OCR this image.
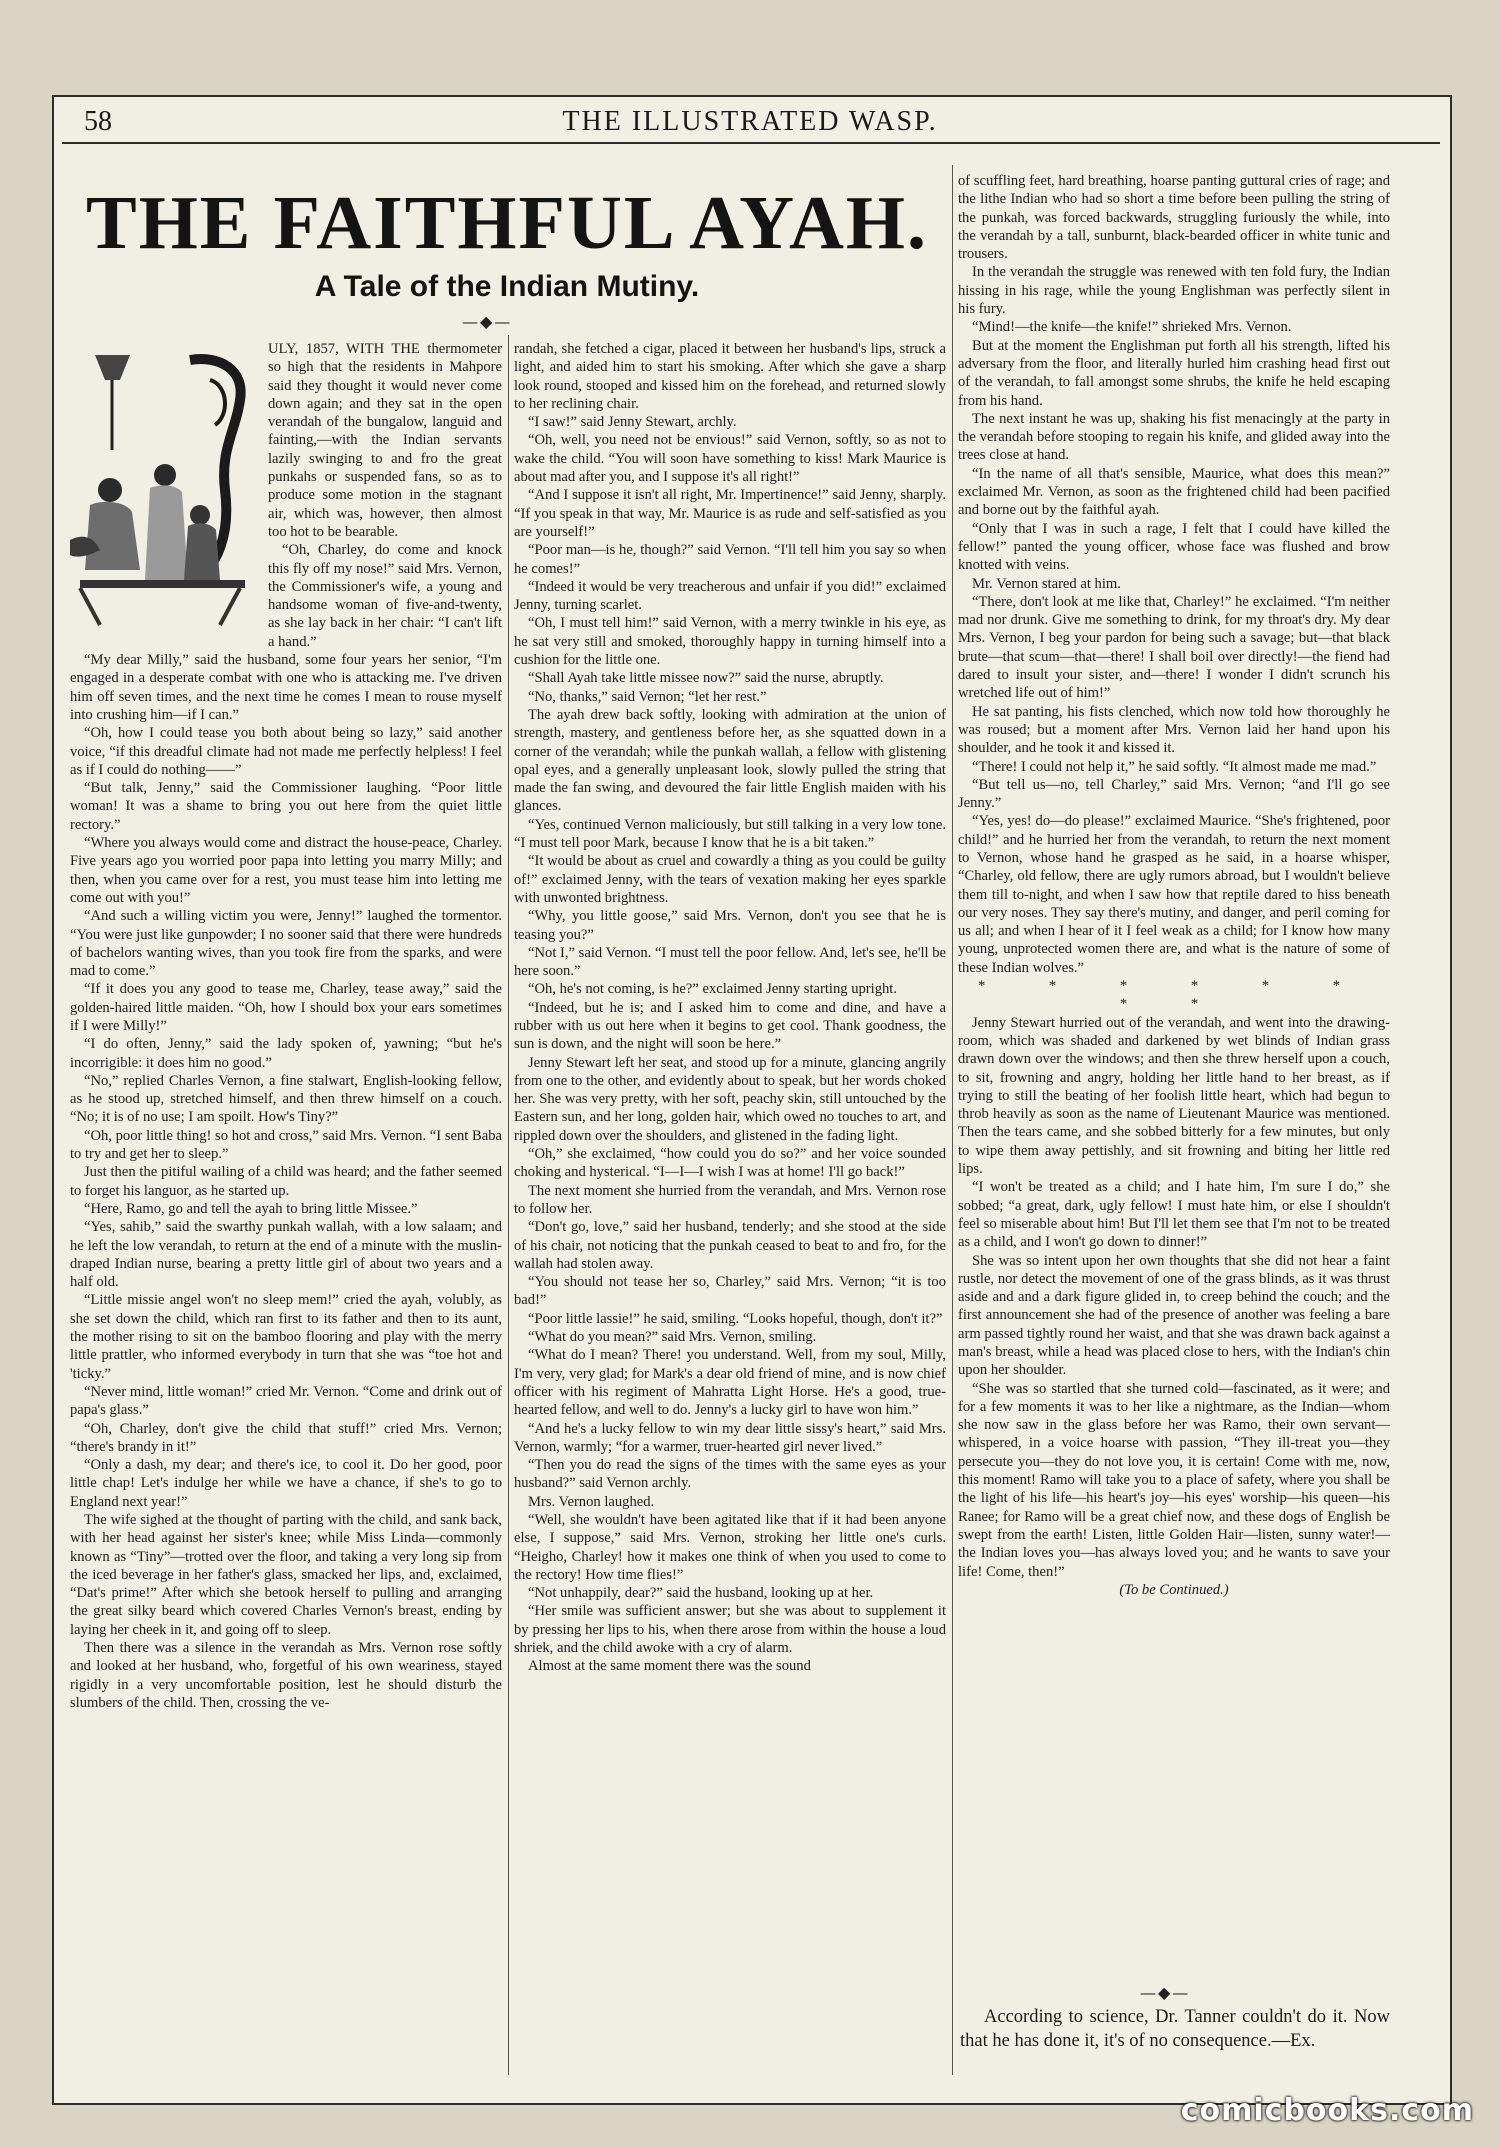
58	THE ILLUSTRATED WASP.
THE FAITHFUL AYAH.
A Tale of the Indian Mutiny.
—◆—

ULY, 1857, WITH THE thermometer so high that the residents in Mahpore said they thought it would never come down again; and they sat in the open verandah of the bungalow, languid and fainting,—with the Indian servants lazily swinging to and fro the great punkahs or suspended fans, so as to produce some motion in the stagnant air, which was, however, then almost too hot to be bearable.

“Oh, Charley, do come and knock this fly off my nose!” said Mrs. Vernon, the Commissioner's wife, a young and handsome woman of five-and-twenty, as she lay back in her chair: “I can't lift a hand.”

“My dear Milly,” said the husband, some four years her senior, “I'm engaged in a desperate combat with one who is attacking me. I've driven him off seven times, and the next time he comes I mean to rouse myself into crushing him—if I can.”

“Oh, how I could tease you both about being so lazy,” said another voice, “if this dreadful climate had not made me perfectly helpless! I feel as if I could do nothing——”

“But talk, Jenny,” said the Commissioner laughing. “Poor little woman! It was a shame to bring you out here from the quiet little rectory.”

“Where you always would come and distract the house-peace, Charley. Five years ago you worried poor papa into letting you marry Milly; and then, when you came over for a rest, you must tease him into letting me come out with you!”

“And such a willing victim you were, Jenny!” laughed the tormentor. “You were just like gunpowder; I no sooner said that there were hundreds of bachelors wanting wives, than you took fire from the sparks, and were mad to come.”

“If it does you any good to tease me, Charley, tease away,” said the golden-haired little maiden. “Oh, how I should box your ears sometimes if I were Milly!”

“I do often, Jenny,” said the lady spoken of, yawning; “but he's incorrigible: it does him no good.”

“No,” replied Charles Vernon, a fine stalwart, English-looking fellow, as he stood up, stretched himself, and then threw himself on a couch. “No; it is of no use; I am spoilt. How's Tiny?”

“Oh, poor little thing! so hot and cross,” said Mrs. Vernon. “I sent Baba to try and get her to sleep.”

Just then the pitiful wailing of a child was heard; and the father seemed to forget his languor, as he started up.

“Here, Ramo, go and tell the ayah to bring little Missee.”

“Yes, sahib,” said the swarthy punkah wallah, with a low salaam; and he left the low verandah, to return at the end of a minute with the muslin-draped Indian nurse, bearing a pretty little girl of about two years and a half old.

“Little missie angel won't no sleep mem!” cried the ayah, volubly, as she set down the child, which ran first to its father and then to its aunt, the mother rising to sit on the bamboo flooring and play with the merry little prattler, who informed everybody in turn that she was “toe hot and 'ticky.”

“Never mind, little woman!” cried Mr. Vernon. “Come and drink out of papa's glass.”

“Oh, Charley, don't give the child that stuff!” cried Mrs. Vernon; “there's brandy in it!”

“Only a dash, my dear; and there's ice, to cool it. Do her good, poor little chap! Let's indulge her while we have a chance, if she's to go to England next year!”

The wife sighed at the thought of parting with the child, and sank back, with her head against her sister's knee; while Miss Linda—commonly known as “Tiny”—trotted over the floor, and taking a very long sip from the iced beverage in her father's glass, smacked her lips, and, exclaimed, “Dat's prime!” After which she betook herself to pulling and arranging the great silky beard which covered Charles Vernon's breast, ending by laying her cheek in it, and going off to sleep.

Then there was a silence in the verandah as Mrs. Vernon rose softly and looked at her husband, who, forgetful of his own weariness, stayed rigidly in a very uncomfortable position, lest he should disturb the slumbers of the child. Then, crossing the ve-

randah, she fetched a cigar, placed it between her husband's lips, struck a light, and aided him to start his smoking. After which she gave a sharp look round, stooped and kissed him on the forehead, and returned slowly to her reclining chair.

“I saw!” said Jenny Stewart, archly.

“Oh, well, you need not be envious!” said Vernon, softly, so as not to wake the child. “You will soon have something to kiss! Mark Maurice is about mad after you, and I suppose it's all right!”

“And I suppose it isn't all right, Mr. Impertinence!” said Jenny, sharply. “If you speak in that way, Mr. Maurice is as rude and self-satisfied as you are yourself!”

“Poor man—is he, though?” said Vernon. “I'll tell him you say so when he comes!”

“Indeed it would be very treacherous and unfair if you did!” exclaimed Jenny, turning scarlet.

“Oh, I must tell him!” said Vernon, with a merry twinkle in his eye, as he sat very still and smoked, thoroughly happy in turning himself into a cushion for the little one.

“Shall Ayah take little missee now?” said the nurse, abruptly.

“No, thanks,” said Vernon; “let her rest.”

The ayah drew back softly, looking with admiration at the union of strength, mastery, and gentleness before her, as she squatted down in a corner of the verandah; while the punkah wallah, a fellow with glistening opal eyes, and a generally unpleasant look, slowly pulled the string that made the fan swing, and devoured the fair little English maiden with his glances.

“Yes, continued Vernon maliciously, but still talking in a very low tone. “I must tell poor Mark, because I know that he is a bit taken.”

“It would be about as cruel and cowardly a thing as you could be guilty of!” exclaimed Jenny, with the tears of vexation making her eyes sparkle with unwonted brightness.

“Why, you little goose,” said Mrs. Vernon, don't you see that he is teasing you?”

“Not I,” said Vernon. “I must tell the poor fellow. And, let's see, he'll be here soon.”

“Oh, he's not coming, is he?” exclaimed Jenny starting upright.

“Indeed, but he is; and I asked him to come and dine, and have a rubber with us out here when it begins to get cool. Thank goodness, the sun is down, and the night will soon be here.”

Jenny Stewart left her seat, and stood up for a minute, glancing angrily from one to the other, and evidently about to speak, but her words choked her. She was very pretty, with her soft, peachy skin, still untouched by the Eastern sun, and her long, golden hair, which owed no touches to art, and rippled down over the shoulders, and glistened in the fading light.

“Oh,” she exclaimed, “how could you do so?” and her voice sounded choking and hysterical. “I—I—I wish I was at home! I'll go back!”

The next moment she hurried from the verandah, and Mrs. Vernon rose to follow her.

“Don't go, love,” said her husband, tenderly; and she stood at the side of his chair, not noticing that the punkah ceased to beat to and fro, for the wallah had stolen away.

“You should not tease her so, Charley,” said Mrs. Vernon; “it is too bad!”

“Poor little lassie!” he said, smiling. “Looks hopeful, though, don't it?”

“What do you mean?” said Mrs. Vernon, smiling.

“What do I mean? There! you understand. Well, from my soul, Milly, I'm very, very glad; for Mark's a dear old friend of mine, and is now chief officer with his regiment of Mahratta Light Horse. He's a good, true-hearted fellow, and well to do. Jenny's a lucky girl to have won him.”

“And he's a lucky fellow to win my dear little sissy's heart,” said Mrs. Vernon, warmly; “for a warmer, truer-hearted girl never lived.”

“Then you do read the signs of the times with the same eyes as your husband?” said Vernon archly.

Mrs. Vernon laughed.

“Well, she wouldn't have been agitated like that if it had been anyone else, I suppose,” said Mrs. Vernon, stroking her little one's curls. “Heigho, Charley! how it makes one think of when you used to come to the rectory! How time flies!”

“Not unhappily, dear?” said the husband, looking up at her.

“Her smile was sufficient answer; but she was about to supplement it by pressing her lips to his, when there arose from within the house a loud shriek, and the child awoke with a cry of alarm.

Almost at the same moment there was the sound

of scuffling feet, hard breathing, hoarse panting guttural cries of rage; and the lithe Indian who had so short a time before been pulling the string of the punkah, was forced backwards, struggling furiously the while, into the verandah by a tall, sunburnt, black-bearded officer in white tunic and trousers.

In the verandah the struggle was renewed with ten fold fury, the Indian hissing in his rage, while the young Englishman was perfectly silent in his fury.

“Mind!—the knife—the knife!” shrieked Mrs. Vernon.

But at the moment the Englishman put forth all his strength, lifted his adversary from the floor, and literally hurled him crashing head first out of the verandah, to fall amongst some shrubs, the knife he held escaping from his hand.

The next instant he was up, shaking his fist menacingly at the party in the verandah before stooping to regain his knife, and glided away into the trees close at hand.

“In the name of all that's sensible, Maurice, what does this mean?” exclaimed Mr. Vernon, as soon as the frightened child had been pacified and borne out by the faithful ayah.

“Only that I was in such a rage, I felt that I could have killed the fellow!” panted the young officer, whose face was flushed and brow knotted with veins.

Mr. Vernon stared at him.

“There, don't look at me like that, Charley!” he exclaimed. “I'm neither mad nor drunk. Give me something to drink, for my throat's dry. My dear Mrs. Vernon, I beg your pardon for being such a savage; but—that black brute—that scum—that—there! I shall boil over directly!—the fiend had dared to insult your sister, and—there! I wonder I didn't scrunch his wretched life out of him!”

He sat panting, his fists clenched, which now told how thoroughly he was roused; but a moment after Mrs. Vernon laid her hand upon his shoulder, and he took it and kissed it.

“There! I could not help it,” he said softly. “It almost made me mad.”

“But tell us—no, tell Charley,” said Mrs. Vernon; “and I'll go see Jenny.”

“Yes, yes! do—do please!” exclaimed Maurice. “She's frightened, poor child!” and he hurried her from the verandah, to return the next moment to Vernon, whose hand he grasped as he said, in a hoarse whisper, “Charley, old fellow, there are ugly rumors abroad, but I wouldn't believe them till to-night, and when I saw how that reptile dared to hiss beneath our very noses. They say there's mutiny, and danger, and peril coming for us all; and when I hear of it I feel weak as a child; for I know how many young, unprotected women there are, and what is the nature of some of these Indian wolves.”

* * * * * * * *

Jenny Stewart hurried out of the verandah, and went into the drawing-room, which was shaded and darkened by wet blinds of Indian grass drawn down over the windows; and then she threw herself upon a couch, to sit, frowning and angry, holding her little hand to her breast, as if trying to still the beating of her foolish little heart, which had begun to throb heavily as soon as the name of Lieutenant Maurice was mentioned. Then the tears came, and she sobbed bitterly for a few minutes, but only to wipe them away pettishly, and sit frowning and biting her little red lips.

“I won't be treated as a child; and I hate him, I'm sure I do,” she sobbed; “a great, dark, ugly fellow! I must hate him, or else I shouldn't feel so miserable about him! But I'll let them see that I'm not to be treated as a child, and I won't go down to dinner!”

She was so intent upon her own thoughts that she did not hear a faint rustle, nor detect the movement of one of the grass blinds, as it was thrust aside and and a dark figure glided in, to creep behind the couch; and the first announcement she had of the presence of another was feeling a bare arm passed tightly round her waist, and that she was drawn back against a man's breast, while a head was placed close to hers, with the Indian's chin upon her shoulder.

“She was so startled that she turned cold—fascinated, as it were; and for a few moments it was to her like a nightmare, as the Indian—whom she now saw in the glass before her was Ramo, their own servant—whispered, in a voice hoarse with passion, “They ill-treat you—they persecute you—they do not love you, it is certain! Come with me, now, this moment! Ramo will take you to a place of safety, where you shall be the light of his life—his heart's joy—his eyes' worship—his queen—his Ranee; for Ramo will be a great chief now, and these dogs of English be swept from the earth! Listen, little Golden Hair—listen, sunny water!—the Indian loves you—has always loved you; and he wants to save your life! Come, then!”

(To be Continued.)

—◆—

According to science, Dr. Tanner couldn't do it. Now that he has done it, it's of no consequence.—Ex.

comicbooks.com
